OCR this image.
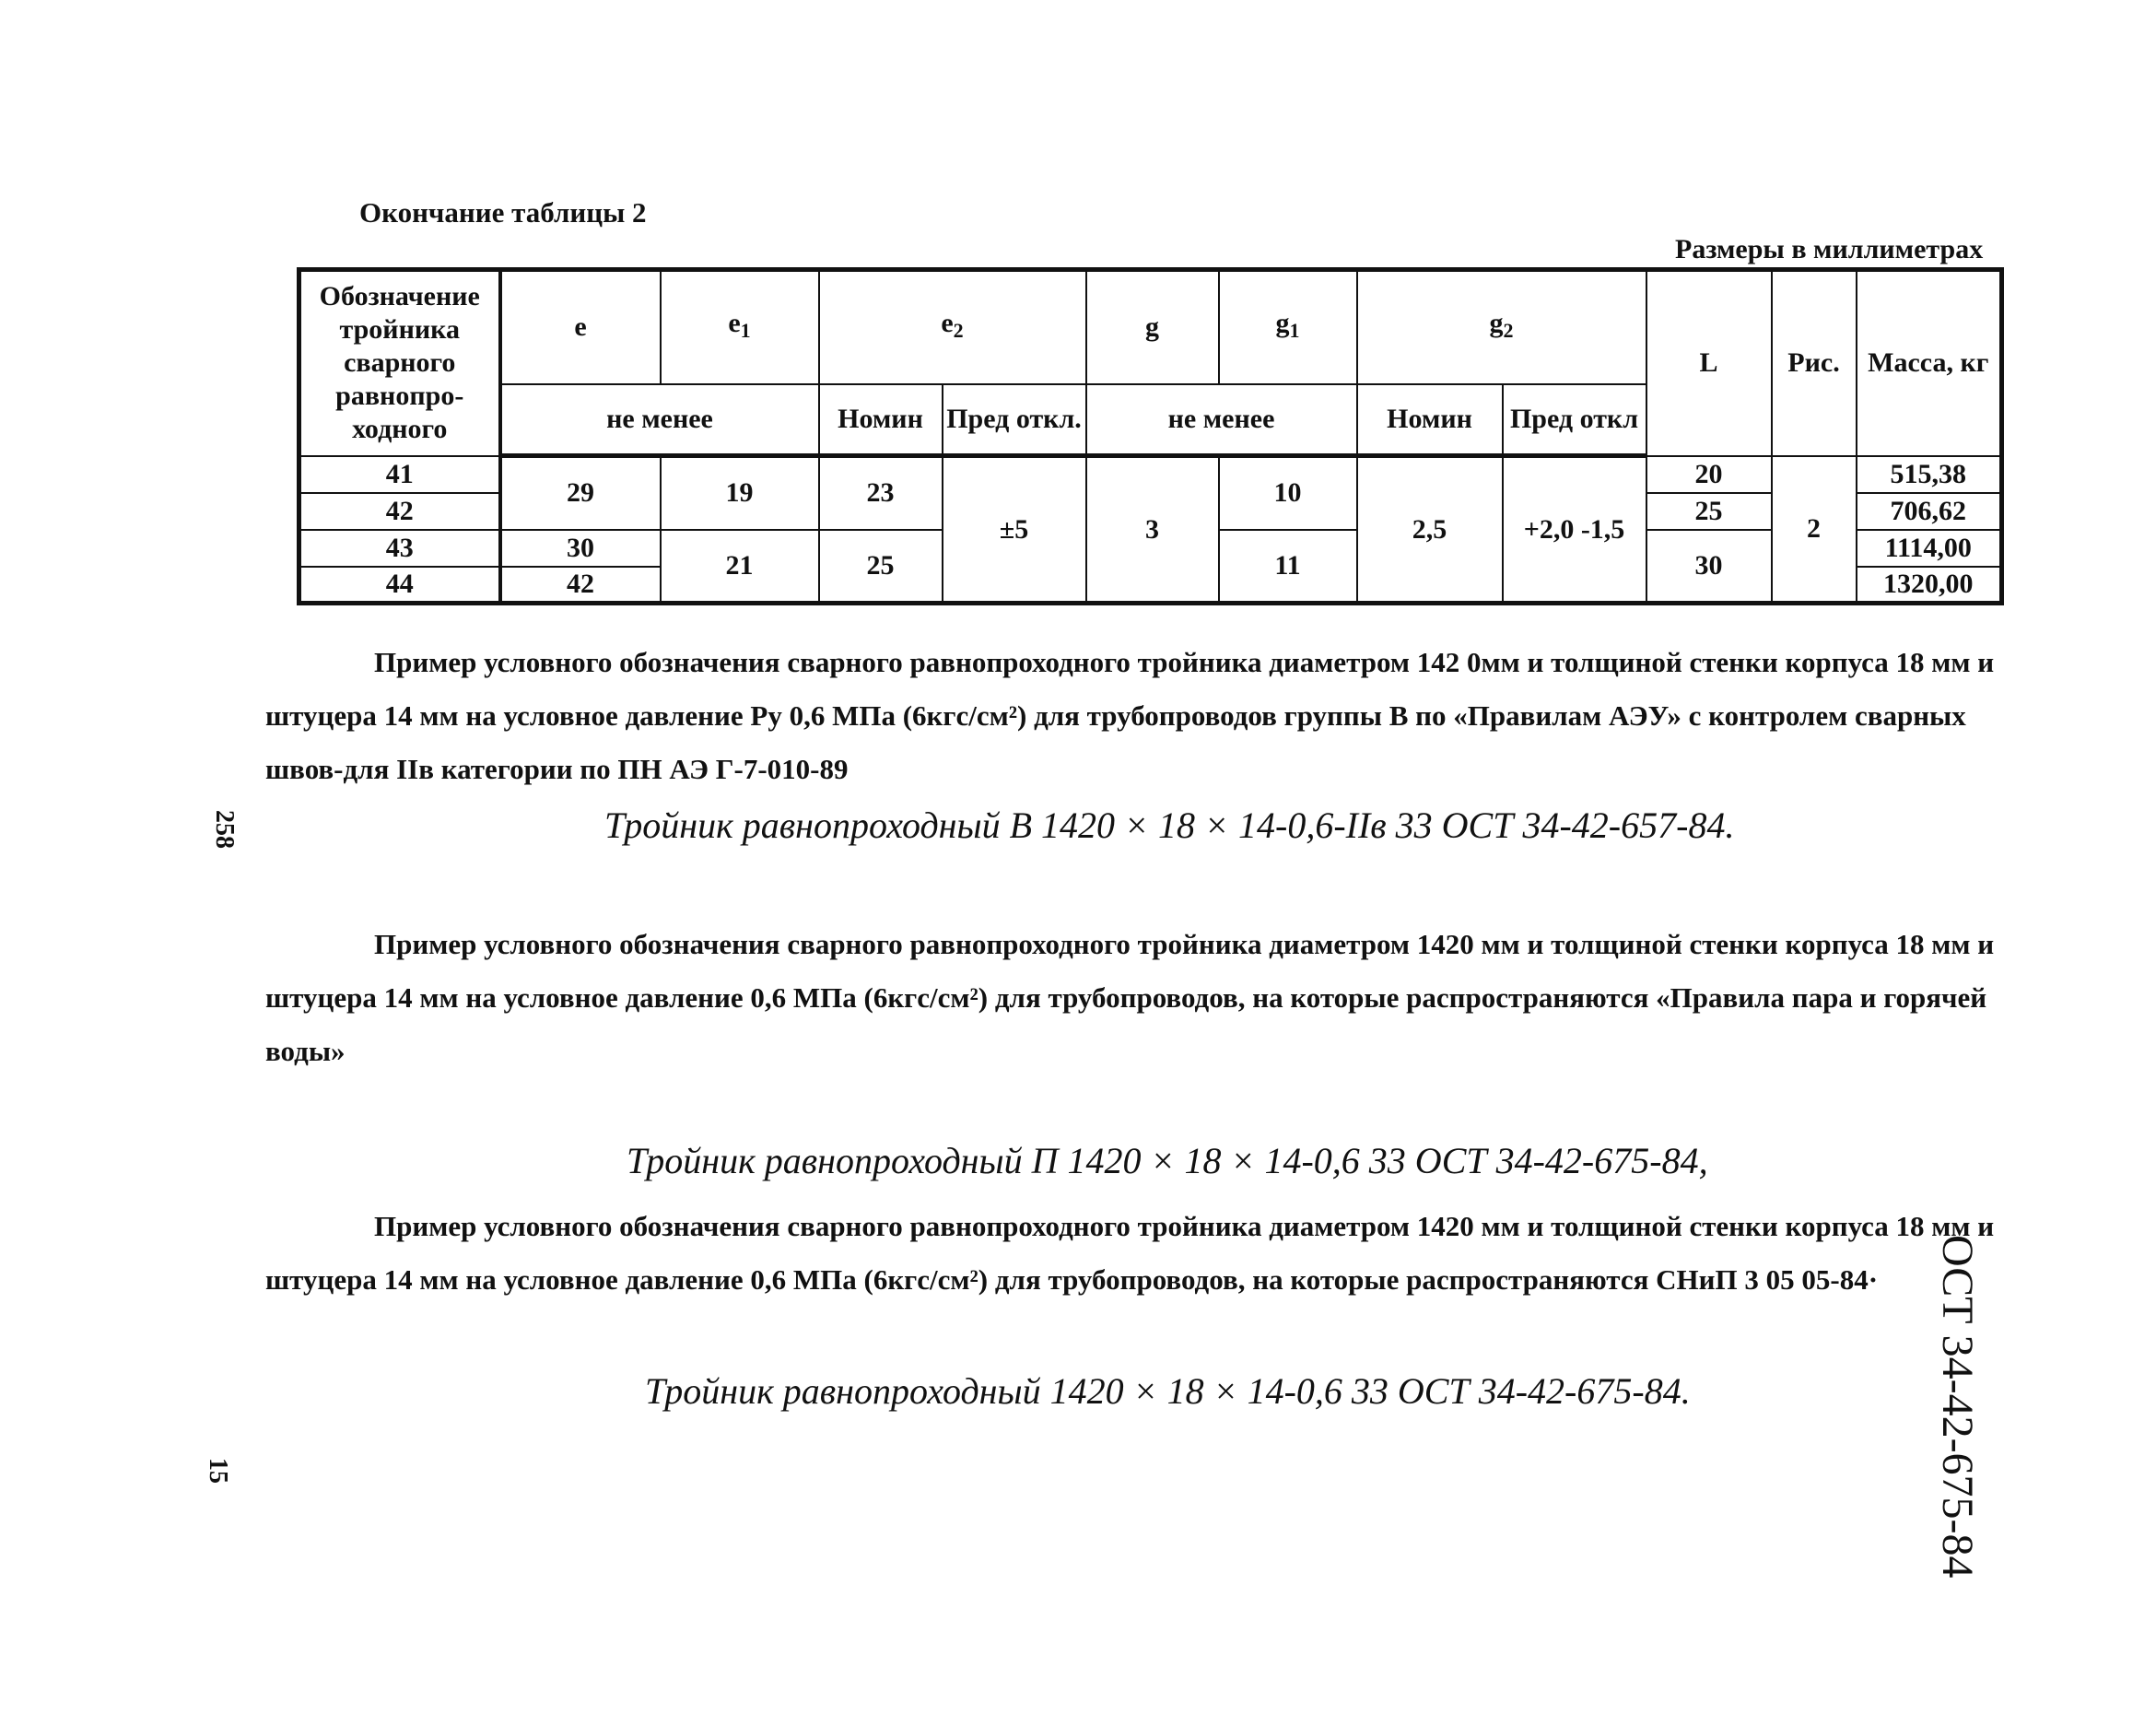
Окончание таблицы 2
Размеры в миллиметрах
Обозначение тройника сварного равнопро-ходного	e	$e_1$	$e_2$		g	$g_1$	$g_2$		L	Рис.	Масса, кг
	не менее		Номин	Пред откл.	не менее		Номин	Пред откл			
41	29	19	23	±5	3	10	2,5	+2,0 -1,5	20	2	515,38
42									25		706,62
43	30	21	25			11			30		1114,00
44	42										1320,00
Пример условного обозначения сварного равнопроходного тройника диаметром 142 0мм и толщиной стенки корпуса 18 мм и
штуцера 14 мм на условное давление Ру 0,6 МПа (6кгс/см²) для трубопроводов группы В по «Правилам АЭУ» с контролем сварных
швов-для IIв категории по ПН АЭ Г-7-010-89
Тройник равнопроходный В 1420 × 18 × 14-0,6-IIв 33 ОСТ 34-42-657-84.
Пример условного обозначения сварного равнопроходного тройника диаметром 1420 мм и толщиной стенки корпуса 18 мм и
штуцера 14 мм на условное давление 0,6 МПа (6кгс/см²) для трубопроводов, на которые распространяются «Правила пара и горячей
воды»
Тройник равнопроходный П 1420 × 18 × 14-0,6 33 ОСТ 34-42-675-84,
Пример условного обозначения сварного равнопроходного тройника диаметром 1420 мм и толщиной стенки корпуса 18 мм и
штуцера 14 мм на условное давление 0,6 МПа (6кгс/см²) для трубопроводов, на которые распространяются СНиП 3 05 05-84·
Тройник равнопроходный 1420 × 18 × 14-0,6 33 ОСТ 34-42-675-84.
258
15	ОСТ 34-42-675-84
